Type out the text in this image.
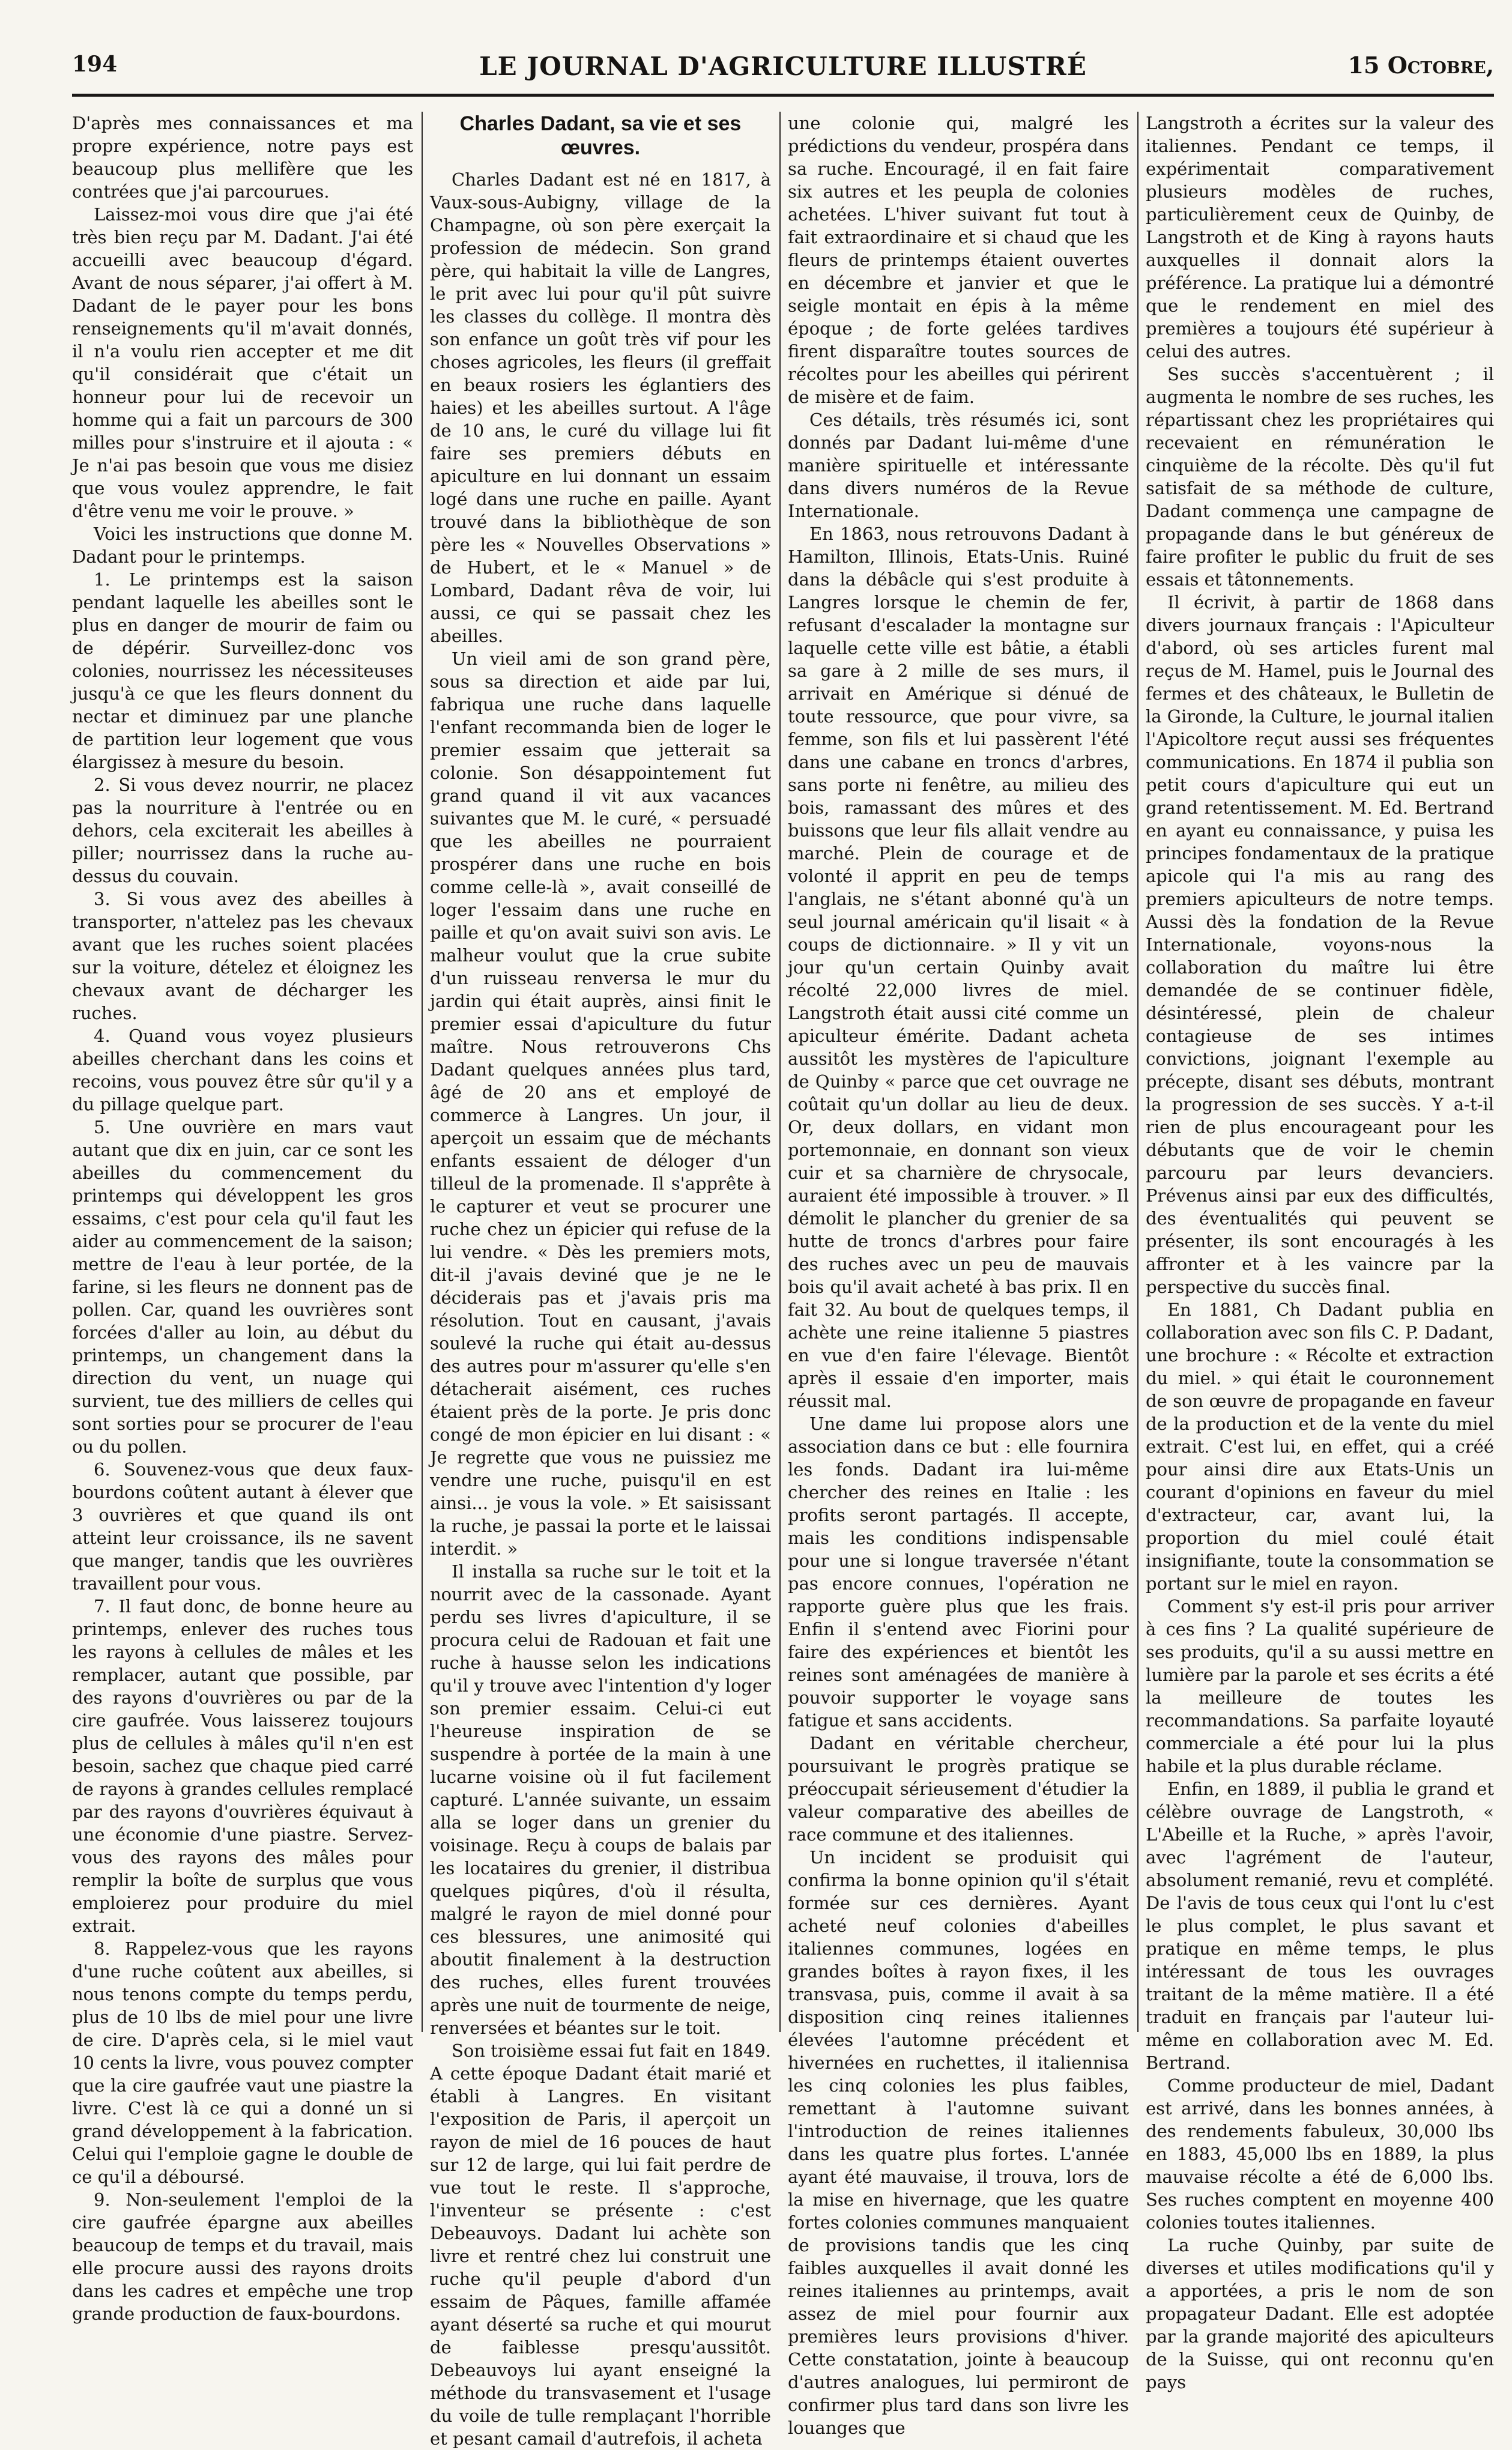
194	LE JOURNAL D'AGRICULTURE ILLUSTRÉ	15 Octobre,

D'après mes connaissances et ma propre expérience, notre pays est beaucoup plus mellifère que les contrées que j'ai parcourues.

Laissez-moi vous dire que j'ai été très bien reçu par M. Dadant. J'ai été accueilli avec beaucoup d'égard. Avant de nous séparer, j'ai offert à M. Dadant de le payer pour les bons renseignements qu'il m'avait donnés, il n'a voulu rien accepter et me dit qu'il considérait que c'était un honneur pour lui de recevoir un homme qui a fait un parcours de 300 milles pour s'instruire et il ajouta : « Je n'ai pas besoin que vous me disiez que vous voulez apprendre, le fait d'être venu me voir le prouve. »

Voici les instructions que donne M. Dadant pour le printemps.

1. Le printemps est la saison pendant laquelle les abeilles sont le plus en danger de mourir de faim ou de dépérir. Surveillez-donc vos colonies, nourrissez les nécessiteuses jusqu'à ce que les fleurs donnent du nectar et diminuez par une planche de partition leur logement que vous élargissez à mesure du besoin.

2. Si vous devez nourrir, ne placez pas la nourriture à l'entrée ou en dehors, cela exciterait les abeilles à piller; nourrissez dans la ruche au-dessus du couvain.

3. Si vous avez des abeilles à transporter, n'attelez pas les chevaux avant que les ruches soient placées sur la voiture, dételez et éloignez les chevaux avant de décharger les ruches.

4. Quand vous voyez plusieurs abeilles cherchant dans les coins et recoins, vous pouvez être sûr qu'il y a du pillage quelque part.

5. Une ouvrière en mars vaut autant que dix en juin, car ce sont les abeilles du commencement du printemps qui développent les gros essaims, c'est pour cela qu'il faut les aider au commencement de la saison; mettre de l'eau à leur portée, de la farine, si les fleurs ne donnent pas de pollen. Car, quand les ouvrières sont forcées d'aller au loin, au début du printemps, un changement dans la direction du vent, un nuage qui survient, tue des milliers de celles qui sont sorties pour se procurer de l'eau ou du pollen.

6. Souvenez-vous que deux faux-bourdons coûtent autant à élever que 3 ouvrières et que quand ils ont atteint leur croissance, ils ne savent que manger, tandis que les ouvrières travaillent pour vous.

7. Il faut donc, de bonne heure au printemps, enlever des ruches tous les rayons à cellules de mâles et les remplacer, autant que possible, par des rayons d'ouvrières ou par de la cire gaufrée. Vous laisserez toujours plus de cellules à mâles qu'il n'en est besoin, sachez que chaque pied carré de rayons à grandes cellules remplacé par des rayons d'ouvrières équivaut à une économie d'une piastre. Servez-vous des rayons des mâles pour remplir la boîte de surplus que vous emploierez pour produire du miel extrait.

8. Rappelez-vous que les rayons d'une ruche coûtent aux abeilles, si nous tenons compte du temps perdu, plus de 10 lbs de miel pour une livre de cire. D'après cela, si le miel vaut 10 cents la livre, vous pouvez compter que la cire gaufrée vaut une piastre la livre. C'est là ce qui a donné un si grand développement à la fabrication. Celui qui l'emploie gagne le double de ce qu'il a déboursé.

9. Non-seulement l'emploi de la cire gaufrée épargne aux abeilles beaucoup de temps et du travail, mais elle procure aussi des rayons droits dans les cadres et empêche une trop grande production de faux-bourdons.

Charles Dadant, sa vie et ses œuvres.

Charles Dadant est né en 1817, à Vaux-sous-Aubigny, village de la Champagne, où son père exerçait la profession de médecin. Son grand père, qui habitait la ville de Langres, le prit avec lui pour qu'il pût suivre les classes du collège. Il montra dès son enfance un goût très vif pour les choses agricoles, les fleurs (il greffait en beaux rosiers les églantiers des haies) et les abeilles surtout. A l'âge de 10 ans, le curé du village lui fit faire ses premiers débuts en apiculture en lui donnant un essaim logé dans une ruche en paille. Ayant trouvé dans la bibliothèque de son père les « Nouvelles Observations » de Hubert, et le « Manuel » de Lombard, Dadant rêva de voir, lui aussi, ce qui se passait chez les abeilles.

Un vieil ami de son grand père, sous sa direction et aide par lui, fabriqua une ruche dans laquelle l'enfant recommanda bien de loger le premier essaim que jetterait sa colonie. Son désappointement fut grand quand il vit aux vacances suivantes que M. le curé, « persuadé que les abeilles ne pourraient prospérer dans une ruche en bois comme celle-là », avait conseillé de loger l'essaim dans une ruche en paille et qu'on avait suivi son avis. Le malheur voulut que la crue subite d'un ruisseau renversa le mur du jardin qui était auprès, ainsi finit le premier essai d'apiculture du futur maître. Nous retrouverons Chs Dadant quelques années plus tard, âgé de 20 ans et employé de commerce à Langres. Un jour, il aperçoit un essaim que de méchants enfants essaient de déloger d'un tilleul de la promenade. Il s'apprête à le capturer et veut se procurer une ruche chez un épicier qui refuse de la lui vendre. « Dès les premiers mots, dit-il j'avais deviné que je ne le déciderais pas et j'avais pris ma résolution. Tout en causant, j'avais soulevé la ruche qui était au-dessus des autres pour m'assurer qu'elle s'en détacherait aisément, ces ruches étaient près de la porte. Je pris donc congé de mon épicier en lui disant : « Je regrette que vous ne puissiez me vendre une ruche, puisqu'il en est ainsi... je vous la vole. » Et saisissant la ruche, je passai la porte et le laissai interdit. »

Il installa sa ruche sur le toit et la nourrit avec de la cassonade. Ayant perdu ses livres d'apiculture, il se procura celui de Radouan et fait une ruche à hausse selon les indications qu'il y trouve avec l'intention d'y loger son premier essaim. Celui-ci eut l'heureuse inspiration de se suspendre à portée de la main à une lucarne voisine où il fut facilement capturé. L'année suivante, un essaim alla se loger dans un grenier du voisinage. Reçu à coups de balais par les locataires du grenier, il distribua quelques piqûres, d'où il résulta, malgré le rayon de miel donné pour ces blessures, une animosité qui aboutit finalement à la destruction des ruches, elles furent trouvées après une nuit de tourmente de neige, renversées et béantes sur le toit.

Son troisième essai fut fait en 1849. A cette époque Dadant était marié et établi à Langres. En visitant l'exposition de Paris, il aperçoit un rayon de miel de 16 pouces de haut sur 12 de large, qui lui fait perdre de vue tout le reste. Il s'approche, l'inventeur se présente : c'est Debeauvoys. Dadant lui achète son livre et rentré chez lui construit une ruche qu'il peuple d'abord d'un essaim de Pâques, famille affamée ayant déserté sa ruche et qui mourut de faiblesse presqu'aussitôt. Debeauvoys lui ayant enseigné la méthode du transvasement et l'usage du voile de tulle remplaçant l'horrible et pesant camail d'autrefois, il acheta

une colonie qui, malgré les prédictions du vendeur, prospéra dans sa ruche. Encouragé, il en fait faire six autres et les peupla de colonies achetées. L'hiver suivant fut tout à fait extraordinaire et si chaud que les fleurs de printemps étaient ouvertes en décembre et janvier et que le seigle montait en épis à la même époque ; de forte gelées tardives firent disparaître toutes sources de récoltes pour les abeilles qui périrent de misère et de faim.

Ces détails, très résumés ici, sont donnés par Dadant lui-même d'une manière spirituelle et intéressante dans divers numéros de la Revue Internationale.

En 1863, nous retrouvons Dadant à Hamilton, Illinois, Etats-Unis. Ruiné dans la débâcle qui s'est produite à Langres lorsque le chemin de fer, refusant d'escalader la montagne sur laquelle cette ville est bâtie, a établi sa gare à 2 mille de ses murs, il arrivait en Amérique si dénué de toute ressource, que pour vivre, sa femme, son fils et lui passèrent l'été dans une cabane en troncs d'arbres, sans porte ni fenêtre, au milieu des bois, ramassant des mûres et des buissons que leur fils allait vendre au marché. Plein de courage et de volonté il apprit en peu de temps l'anglais, ne s'étant abonné qu'à un seul journal américain qu'il lisait « à coups de dictionnaire. » Il y vit un jour qu'un certain Quinby avait récolté 22,000 livres de miel. Langstroth était aussi cité comme un apiculteur émérite. Dadant acheta aussitôt les mystères de l'apiculture de Quinby « parce que cet ouvrage ne coûtait qu'un dollar au lieu de deux. Or, deux dollars, en vidant mon portemonnaie, en donnant son vieux cuir et sa charnière de chrysocale, auraient été impossible à trouver. » Il démolit le plancher du grenier de sa hutte de troncs d'arbres pour faire des ruches avec un peu de mauvais bois qu'il avait acheté à bas prix. Il en fait 32. Au bout de quelques temps, il achète une reine italienne 5 piastres en vue d'en faire l'élevage. Bientôt après il essaie d'en importer, mais réussit mal.

Une dame lui propose alors une association dans ce but : elle fournira les fonds. Dadant ira lui-même chercher des reines en Italie : les profits seront partagés. Il accepte, mais les conditions indispensable pour une si longue traversée n'étant pas encore connues, l'opération ne rapporte guère plus que les frais. Enfin il s'entend avec Fiorini pour faire des expériences et bientôt les reines sont aménagées de manière à pouvoir supporter le voyage sans fatigue et sans accidents.

Dadant en véritable chercheur, poursuivant le progrès pratique se préoccupait sérieusement d'étudier la valeur comparative des abeilles de race commune et des italiennes.

Un incident se produisit qui confirma la bonne opinion qu'il s'était formée sur ces dernières. Ayant acheté neuf colonies d'abeilles italiennes communes, logées en grandes boîtes à rayon fixes, il les transvasa, puis, comme il avait à sa disposition cinq reines italiennes élevées l'automne précédent et hivernées en ruchettes, il italiennisa les cinq colonies les plus faibles, remettant à l'automne suivant l'introduction de reines italiennes dans les quatre plus fortes. L'année ayant été mauvaise, il trouva, lors de la mise en hivernage, que les quatre fortes colonies communes manquaient de provisions tandis que les cinq faibles auxquelles il avait donné les reines italiennes au printemps, avait assez de miel pour fournir aux premières leurs provisions d'hiver. Cette constatation, jointe à beaucoup d'autres analogues, lui permiront de confirmer plus tard dans son livre les louanges que

Langstroth a écrites sur la valeur des italiennes. Pendant ce temps, il expérimentait comparativement plusieurs modèles de ruches, particulièrement ceux de Quinby, de Langstroth et de King à rayons hauts auxquelles il donnait alors la préférence. La pratique lui a démontré que le rendement en miel des premières a toujours été supérieur à celui des autres.

Ses succès s'accentuèrent ; il augmenta le nombre de ses ruches, les répartissant chez les propriétaires qui recevaient en rémunération le cinquième de la récolte. Dès qu'il fut satisfait de sa méthode de culture, Dadant commença une campagne de propagande dans le but généreux de faire profiter le public du fruit de ses essais et tâtonnements.

Il écrivit, à partir de 1868 dans divers journaux français : l'Apiculteur d'abord, où ses articles furent mal reçus de M. Hamel, puis le Journal des fermes et des châteaux, le Bulletin de la Gironde, la Culture, le journal italien l'Apicoltore reçut aussi ses fréquentes communications. En 1874 il publia son petit cours d'apiculture qui eut un grand retentissement. M. Ed. Bertrand en ayant eu connaissance, y puisa les principes fondamentaux de la pratique apicole qui l'a mis au rang des premiers apiculteurs de notre temps. Aussi dès la fondation de la Revue Internationale, voyons-nous la collaboration du maître lui être demandée de se continuer fidèle, désintéressé, plein de chaleur contagieuse de ses intimes convictions, joignant l'exemple au précepte, disant ses débuts, montrant la progression de ses succès. Y a-t-il rien de plus encourageant pour les débutants que de voir le chemin parcouru par leurs devanciers. Prévenus ainsi par eux des difficultés, des éventualités qui peuvent se présenter, ils sont encouragés à les affronter et à les vaincre par la perspective du succès final.

En 1881, Ch Dadant publia en collaboration avec son fils C. P. Dadant, une brochure : « Récolte et extraction du miel. » qui était le couronnement de son œuvre de propagande en faveur de la production et de la vente du miel extrait. C'est lui, en effet, qui a créé pour ainsi dire aux Etats-Unis un courant d'opinions en faveur du miel d'extracteur, car, avant lui, la proportion du miel coulé était insignifiante, toute la consommation se portant sur le miel en rayon.

Comment s'y est-il pris pour arriver à ces fins ? La qualité supérieure de ses produits, qu'il a su aussi mettre en lumière par la parole et ses écrits a été la meilleure de toutes les recommandations. Sa parfaite loyauté commerciale a été pour lui la plus habile et la plus durable réclame.

Enfin, en 1889, il publia le grand et célèbre ouvrage de Langstroth, « L'Abeille et la Ruche, » après l'avoir, avec l'agrément de l'auteur, absolument remanié, revu et complété. De l'avis de tous ceux qui l'ont lu c'est le plus complet, le plus savant et pratique en même temps, le plus intéressant de tous les ouvrages traitant de la même matière. Il a été traduit en français par l'auteur lui-même en collaboration avec M. Ed. Bertrand.

Comme producteur de miel, Dadant est arrivé, dans les bonnes années, à des rendements fabuleux, 30,000 lbs en 1883, 45,000 lbs en 1889, la plus mauvaise récolte a été de 6,000 lbs. Ses ruches comptent en moyenne 400 colonies toutes italiennes.

La ruche Quinby, par suite de diverses et utiles modifications qu'il y a apportées, a pris le nom de son propagateur Dadant. Elle est adoptée par la grande majorité des apiculteurs de la Suisse, qui ont reconnu qu'en pays
